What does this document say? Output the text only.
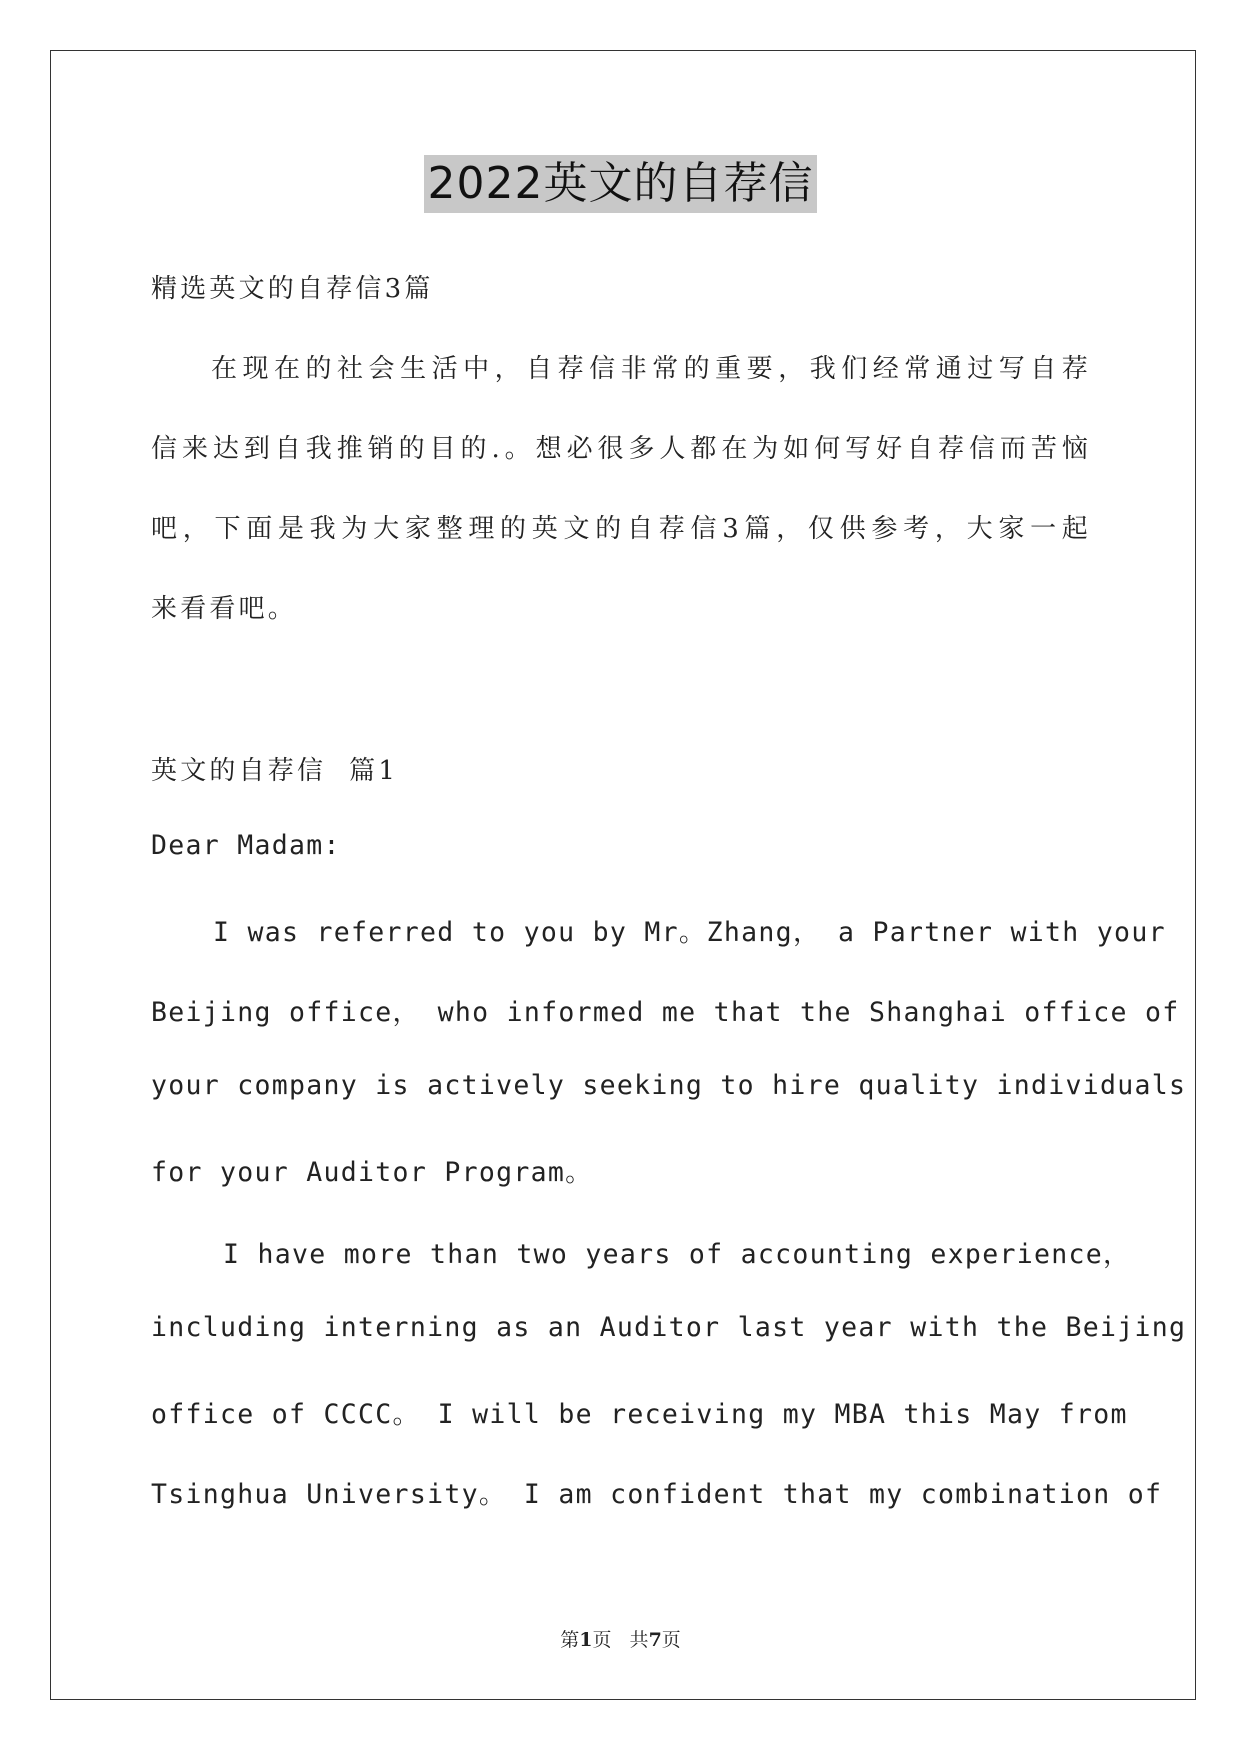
2022英文的自荐信
精选英文的自荐信3篇
在现在的社会生活中，自荐信非常的重要，我们经常通过写自荐
信来达到自我推销的目的.。想必很多人都在为如何写好自荐信而苦恼
吧，下面是我为大家整理的英文的自荐信3篇，仅供参考，大家一起
来看看吧。
英文的自荐信  篇1
Dear Madam:
I was referred to you by Mr。Zhang， a Partner with your
Beijing office， who informed me that the Shanghai office of
your company is actively seeking to hire quality individuals
for your Auditor Program。
I have more than two years of accounting experience，
including interning as an Auditor last year with the Beijing
office of CCCC。 I will be receiving my MBA this May from
Tsinghua University。 I am confident that my combination of
第1页   共7页
